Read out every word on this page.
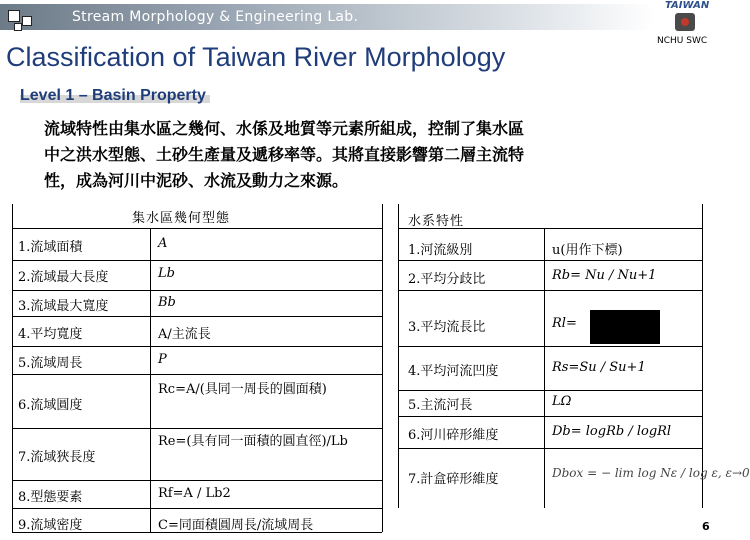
Stream Morphology & Engineering Lab.
TAIWAN
NCHU SWC
Classification of Taiwan River Morphology
Level 1 – Basin Property
流域特性由集水區之幾何、水係及地質等元素所組成，控制了集水區
中之洪水型態、土砂生產量及遞移率等。其將直接影響第二層主流特
性，成為河川中泥砂、水流及動力之來源。
集水區幾何型態	水系特性
1.流域面積
2.流域最大長度
3.流域最大寬度
4.平均寬度
5.流域周長
6.流域圓度
7.流域狹長度
8.型態要素
9.流域密度
A
Lb
Bb
A/主流長
P
Rc=A/(具同一周長的圓面積)
Re=(具有同一面積的圓直徑)/Lb
Rf=A / Lb2
C=同面積圓周長/流域周長
1.河流級別
2.平均分歧比
3.平均流長比
4.平均河流凹度
5.主流河長
6.河川碎形維度
7.計盒碎形維度
u(用作下標)
Rb= Nu / Nu+1
Rl=
Rs=Su / Su+1
LΩ
Db= logRb / logRl
Dbox = − lim log Nε / log ε, ε→0
6
